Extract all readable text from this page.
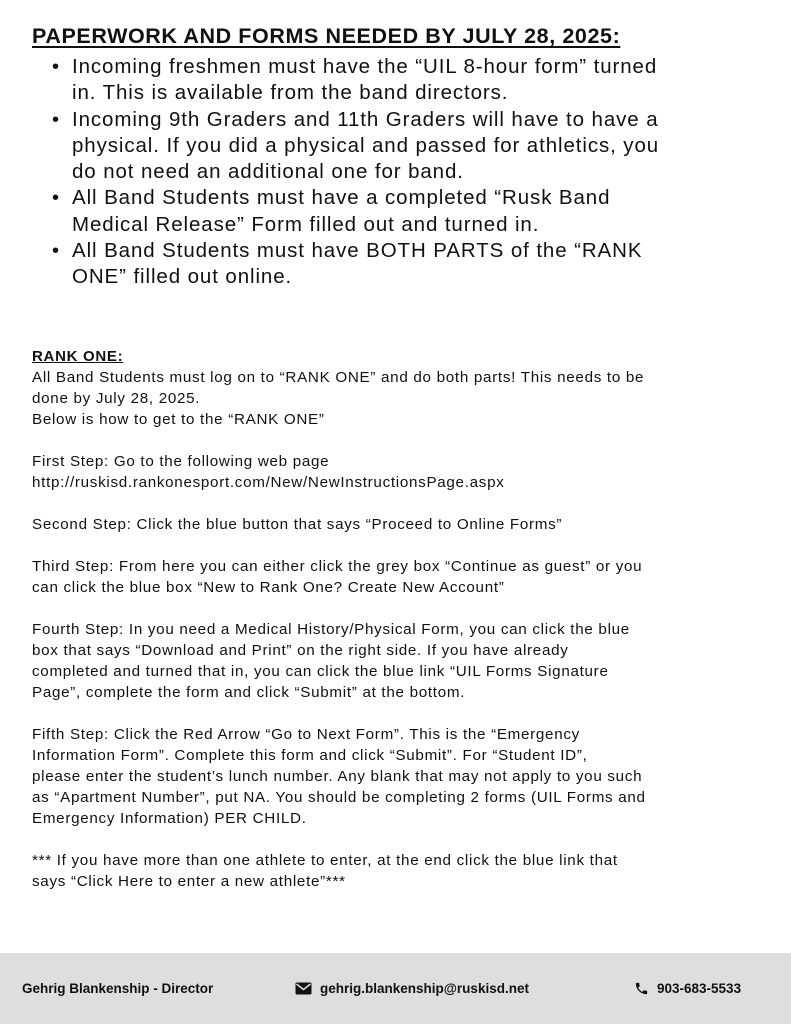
PAPERWORK AND FORMS NEEDED BY JULY 28, 2025:
• Incoming freshmen must have the “UIL 8-hour form” turned
in. This is available from the band directors.
• Incoming 9th Graders and 11th Graders will have to have a
physical. If you did a physical and passed for athletics, you
do not need an additional one for band.
• All Band Students must have a completed “Rusk Band
Medical Release” Form filled out and turned in.
• All Band Students must have BOTH PARTS of the “RANK
ONE” filled out online.

RANK ONE:

All Band Students must log on to “RANK ONE” and do both parts! This needs to be

done by July 28, 2025.

Below is how to get to the “RANK ONE”

First Step: Go to the following web page

http://ruskisd.rankonesport.com/New/NewInstructionsPage.aspx

Second Step: Click the blue button that says “Proceed to Online Forms”

Third Step: From here you can either click the grey box “Continue as guest” or you

can click the blue box “New to Rank One? Create New Account”

Fourth Step: In you need a Medical History/Physical Form, you can click the blue

box that says “Download and Print” on the right side. If you have already

completed and turned that in, you can click the blue link “UIL Forms Signature

Page”, complete the form and click “Submit” at the bottom.

Fifth Step: Click the Red Arrow “Go to Next Form”. This is the “Emergency

Information Form”. Complete this form and click “Submit”. For “Student ID”,

please enter the student’s lunch number. Any blank that may not apply to you such

as “Apartment Number”, put NA. You should be completing 2 forms (UIL Forms and

Emergency Information) PER CHILD.

*** If you have more than one athlete to enter, at the end click the blue link that

says “Click Here to enter a new athlete”***

Gehrig Blankenship - Director	gehrig.blankenship@ruskisd.net	903-683-5533
